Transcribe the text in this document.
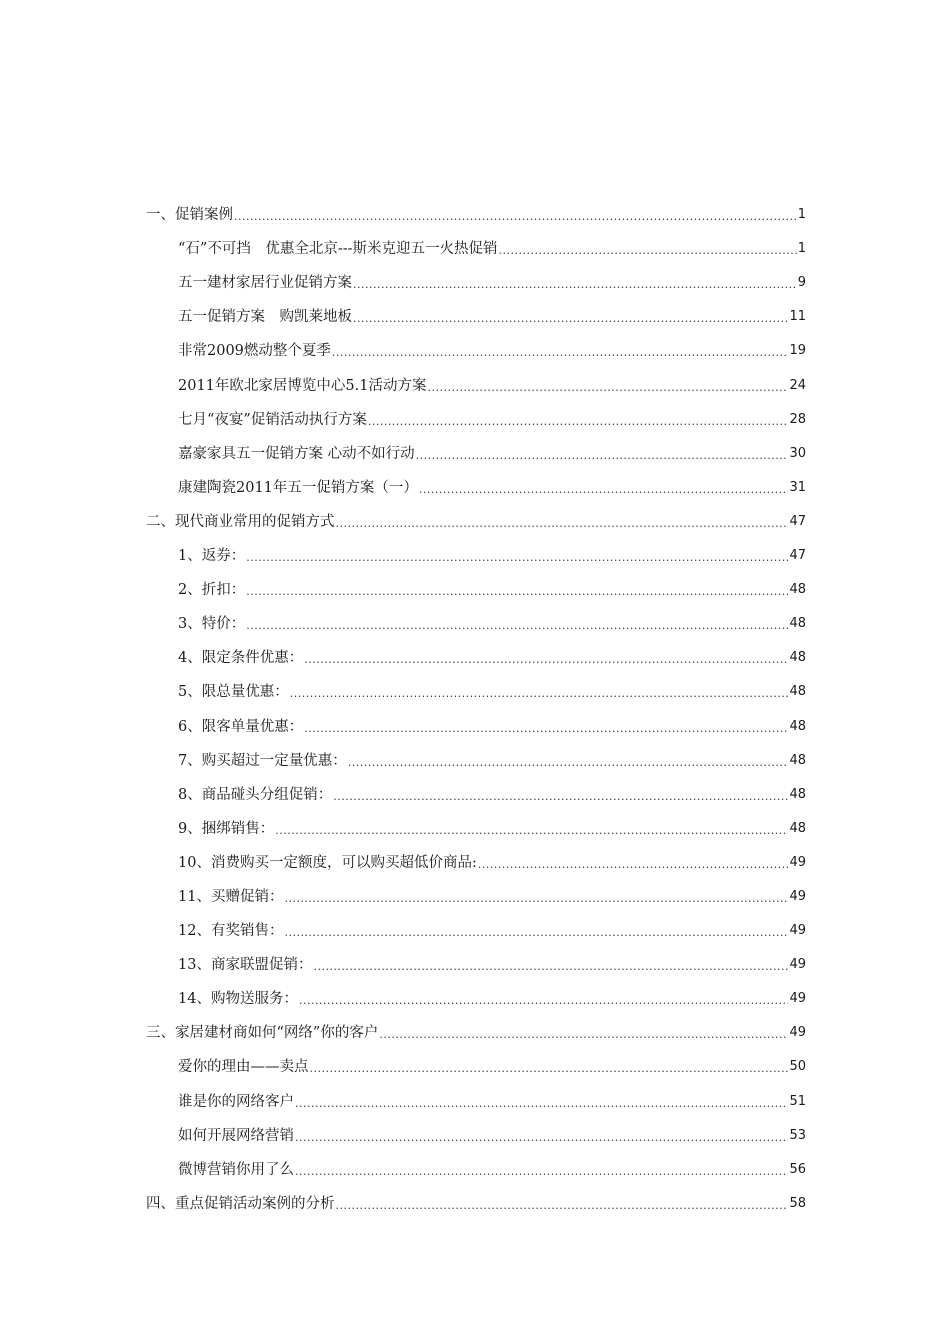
一、促销案例 .....	1
“石”不可挡　优惠全北京---斯米克迎五一火热促销 .....	1
五一建材家居行业促销方案 .....	9
五一促销方案　购凯莱地板 .....	11
非常2009燃动整个夏季 .....	19
2011年欧北家居博览中心5.1活动方案 .....	24
七月“夜宴”促销活动执行方案 .....	28
嘉豪家具五一促销方案 心动不如行动 .....	30
康建陶瓷2011年五一促销方案（一） .....	31
二、现代商业常用的促销方式 .....	47
1、返券： .....	47
2、折扣： .....	48
3、特价： .....	48
4、限定条件优惠： .....	48
5、限总量优惠： .....	48
6、限客单量优惠： .....	48
7、购买超过一定量优惠： .....	48
8、商品碰头分组促销： .....	48
9、捆绑销售： .....	48
10、消费购买一定额度，可以购买超低价商品: .....	49
11、买赠促销： .....	49
12、有奖销售： .....	49
13、商家联盟促销： .....	49
14、购物送服务： .....	49
三、家居建材商如何“网络”你的客户 .....	49
爱你的理由——卖点 .....	50
谁是你的网络客户 .....	51
如何开展网络营销 .....	53
微博营销你用了么 .....	56
四、重点促销活动案例的分析 .....	58
